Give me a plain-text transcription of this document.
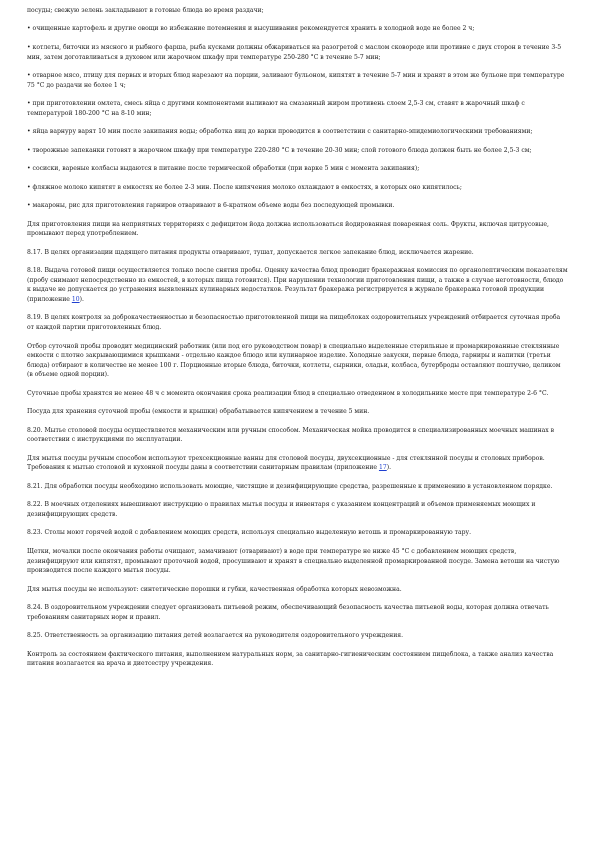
посуды; свежую зелень закладывают в готовые блюда во время раздачи;

• очищенные картофель и другие овощи во избежание потемнения и высушивания рекомендуется хранить в холодной воде не более 2 ч;

• котлеты, биточки из мясного и рыбного фарша, рыба кусками должны обжариваться на разогретой с маслом сковороде или противне с двух сторон в течение 3-5 мин, затем доготавливаться в духовом или жарочном шкафу при температуре 250-280 °С в течение 5-7 мин;

• отварное мясо, птицу для первых и вторых блюд нарезают на порции, заливают бульоном, кипятят в течение 5-7 мин и хранят в этом же бульоне при температуре 75 °С до раздачи не более 1 ч;

• при приготовлении омлета, смесь яйца с другими компонентами выливают на смазанный жиром противень слоем 2,5-3 см, ставят в жарочный шкаф с температурой 180-200 °С на 8-10 мин;

• яйца варнуру варят 10 мин после закипания воды; обработка яиц до варки проводится в соответствии с санитарно-эпидемиологическими требованиями;

• творожные запеканки готовят в жарочном шкафу при температуре 220-280 °С в течение 20-30 мин; слой готового блюда должен быть не более 2,5-3 см;

• сосиски, вареные колбасы выдаются в питание после термической обработки (при варке 5 мин с момента закипания);

• фляжное молоко кипятят в емкостях не более 2-3 мин. После кипячения молоко охлаждают в емкостях, в которых оно кипятилось;

• макароны, рис для приготовления гарниров отваривают в 6-кратном объеме воды без последующей промывки.

Для приготовления пищи на неприятных территориях с дефицитом йода должна использоваться йодированная поваренная соль. Фрукты, включая цитрусовые, промывают перед употреблением.

8.17. В целях организации щадящего питания продукты отваривают, тушат, допускается легкое запекание блюд, исключается жарение.

8.18. Выдача готовой пищи осуществляется только после снятия пробы. Оценку качества блюд проводит бракеражная комиссия по органолептическим показателям (пробу снимают непосредственно из емкостей, в которых пища готовится). При нарушении технологии приготовления пищи, а также в случае неготовности, блюдо к выдаче не допускается до устранения выявленных кулинарных недостатков. Результат бракеража регистрируется в журнале бракеража готовой продукции (приложение 10).

8.19. В целях контроля за доброкачественностью и безопасностью приготовленной пищи на пищеблоках оздоровительных учреждений отбирается суточная проба от каждой партии приготовленных блюд.

Отбор суточной пробы проводит медицинский работник (или под его руководством повар) в специально выделенные стерильные и промаркированные стеклянные емкости с плотно закрывающимися крышками - отдельно каждое блюдо или кулинарное изделие. Холодные закуски, первые блюда, гарниры и напитки (третьи блюда) отбирают в количестве не менее 100 г. Порционные вторые блюда, биточки, котлеты, сырники, оладьи, колбаса, бутерброды оставляют поштучно, целиком (в объеме одной порции).

Суточные пробы хранятся не менее 48 ч с момента окончания срока реализации блюд в специально отведенном в холодильнике месте при температуре 2-6 °С.

Посуда для хранения суточной пробы (емкости и крышки) обрабатывается кипячением в течение 5 мин.

8.20. Мытье столовой посуды осуществляется механическим или ручным способом. Механическая мойка проводится в специализированных моечных машинах в соответствии с инструкциями по эксплуатации.

Для мытья посуды ручным способом используют трехсекционные ванны для столовой посуды, двухсекционные - для стеклянной посуды и столовых приборов. Требования к мытью столовой и кухонной посуды даны в соответствии санитарным правилам (приложение 17).

8.21. Для обработки посуды необходимо использовать моющие, чистящие и дезинфицирующие средства, разрешенные к применению в установленном порядке.

8.22. В моечных отделениях вывешивают инструкцию о правилах мытья посуды и инвентаря с указанием концентраций и объемов применяемых моющих и дезинфицирующих средств.

8.23. Столы моют горячей водой с добавлением моющих средств, используя специально выделенную ветошь и промаркированную тару.

Щетки, мочалки после окончания работы очищают, замачивают (отваривают) в воде при температуре не ниже 45 °С с добавлением моющих средств, дезинфицируют или кипятят, промывают проточной водой, просушивают и хранят в специально выделенной промаркированной посуде. Замена ветоши на чистую производится после каждого мытья посуды.

Для мытья посуды не используют: синтетические порошки и губки, качественная обработка которых невозможна.

8.24. В оздоровительном учреждении следует организовать питьевой режим, обеспечивающий безопасность качества питьевой воды, которая должна отвечать требованиям санитарных норм и правил.

8.25. Ответственность за организацию питания детей возлагается на руководителя оздоровительного учреждения.

Контроль за состоянием фактического питания, выполнением натуральных норм, за санитарно-гигиеническим состоянием пищеблока, а также анализ качества питания возлагается на врача и диетсестру учреждения.
